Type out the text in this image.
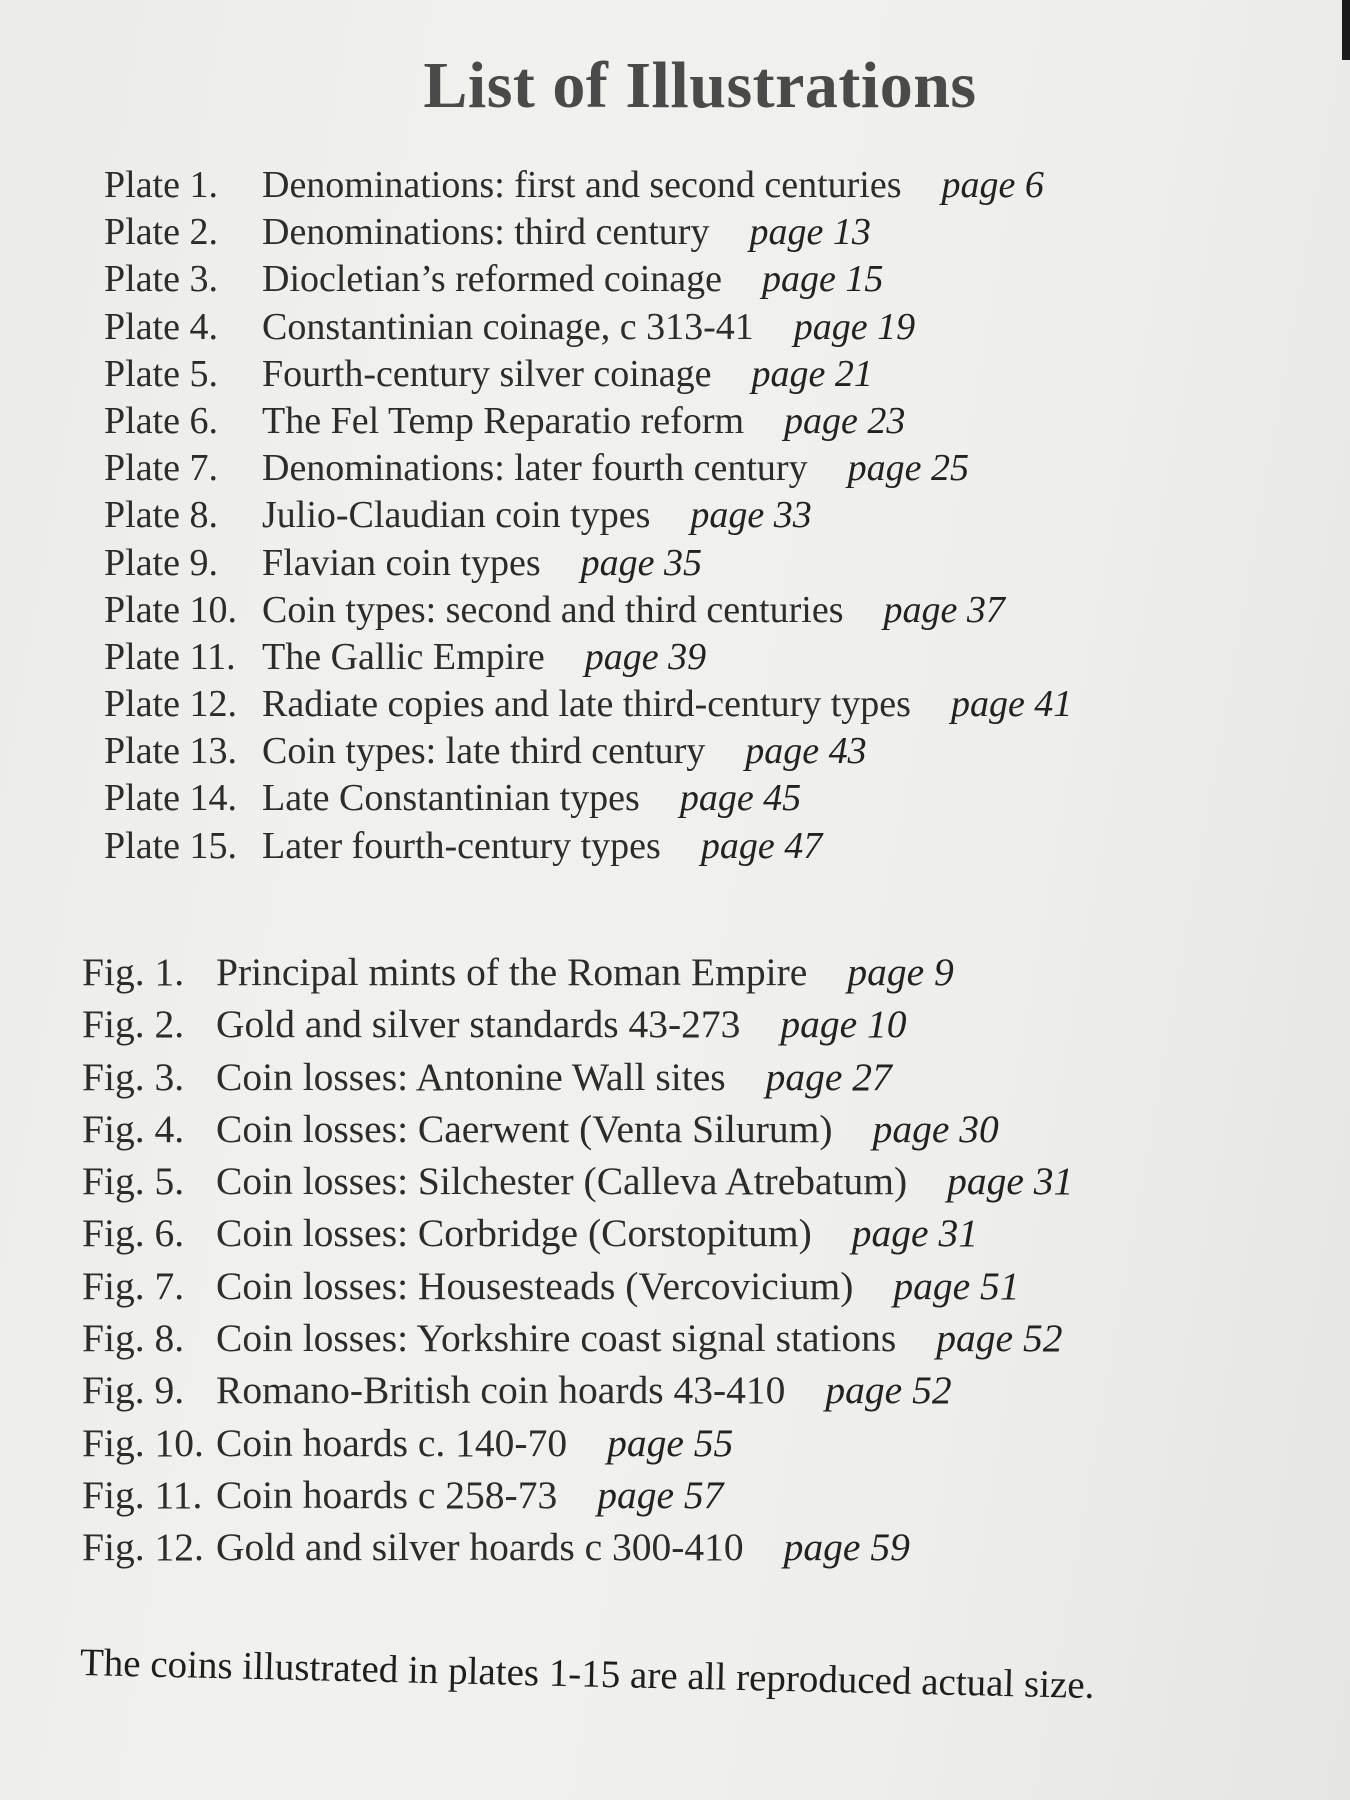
List of Illustrations
Plate 1. Denominations: first and second centuries page 6
Plate 2. Denominations: third century page 13
Plate 3. Diocletian’s reformed coinage page 15
Plate 4. Constantinian coinage, c 313-41 page 19
Plate 5. Fourth-century silver coinage page 21
Plate 6. The Fel Temp Reparatio reform page 23
Plate 7. Denominations: later fourth century page 25
Plate 8. Julio-Claudian coin types page 33
Plate 9. Flavian coin types page 35
Plate 10. Coin types: second and third centuries page 37
Plate 11. The Gallic Empire page 39
Plate 12. Radiate copies and late third-century types page 41
Plate 13. Coin types: late third century page 43
Plate 14. Late Constantinian types page 45
Plate 15. Later fourth-century types page 47
Fig. 1. Principal mints of the Roman Empire page 9
Fig. 2. Gold and silver standards 43-273 page 10
Fig. 3. Coin losses: Antonine Wall sites page 27
Fig. 4. Coin losses: Caerwent (Venta Silurum) page 30
Fig. 5. Coin losses: Silchester (Calleva Atrebatum) page 31
Fig. 6. Coin losses: Corbridge (Corstopitum) page 31
Fig. 7. Coin losses: Housesteads (Vercovicium) page 51
Fig. 8. Coin losses: Yorkshire coast signal stations page 52
Fig. 9. Romano-British coin hoards 43-410 page 52
Fig. 10. Coin hoards c. 140-70 page 55
Fig. 11. Coin hoards c 258-73 page 57
Fig. 12. Gold and silver hoards c 300-410 page 59
The coins illustrated in plates 1-15 are all reproduced actual size.
